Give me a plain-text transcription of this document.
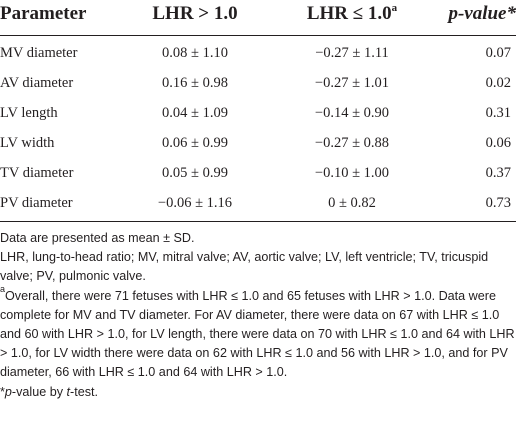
Parameter	LHR > 1.0	LHR ≤ 1.0$^a$	p-value*
MV diameter	0.08 ± 1.10	−0.27 ± 1.11	0.07
AV diameter	0.16 ± 0.98	−0.27 ± 1.01	0.02
LV length	0.04 ± 1.09	−0.14 ± 0.90	0.31
LV width	0.06 ± 0.99	−0.27 ± 0.88	0.06
TV diameter	0.05 ± 0.99	−0.10 ± 1.00	0.37
PV diameter	−0.06 ± 1.16	0 ± 0.82	0.73

Data are presented as mean ± SD.

LHR, lung-to-head ratio; MV, mitral valve; AV, aortic valve; LV, left ventricle; TV, tricuspid valve; PV, pulmonic valve.

$^a$Overall, there were 71 fetuses with LHR ≤ 1.0 and 65 fetuses with LHR > 1.0. Data were complete for MV and TV diameter. For AV diameter, there were data on 67 with LHR ≤ 1.0 and 60 with LHR > 1.0, for LV length, there were data on 70 with LHR ≤ 1.0 and 64 with LHR > 1.0, for LV width there were data on 62 with LHR ≤ 1.0 and 56 with LHR > 1.0, and for PV diameter, 66 with LHR ≤ 1.0 and 64 with LHR > 1.0.

*p-value by t-test.
